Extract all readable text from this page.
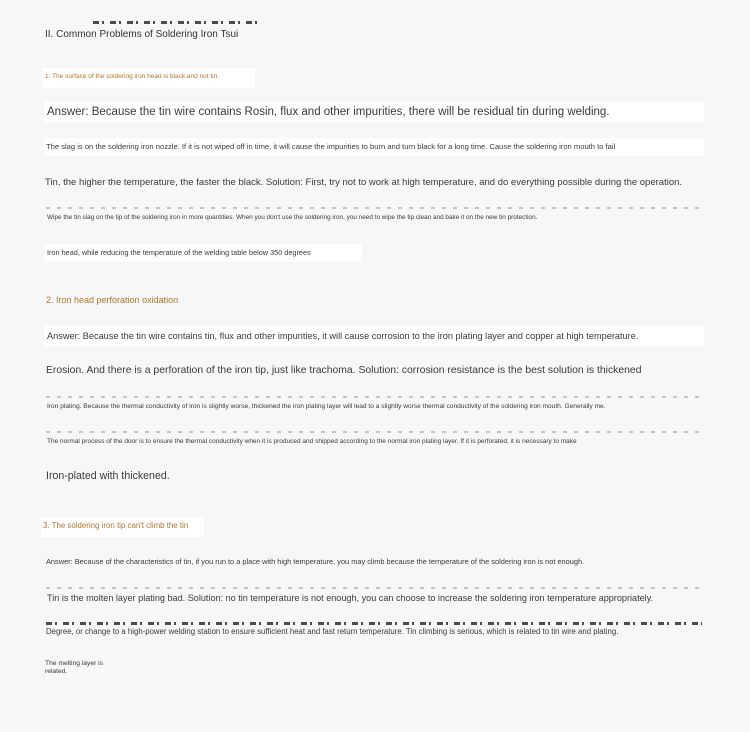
II. Common Problems of Soldering Iron Tsui
1. The surface of the soldering iron head is black and not tin.
Answer: Because the tin wire contains Rosin, flux and other impurities, there will be residual tin during welding.
The slag is on the soldering iron nozzle. If it is not wiped off in time, it will cause the impurities to burn and turn black for a long time. Cause the soldering iron mouth to fail
Tin, the higher the temperature, the faster the black. Solution: First, try not to work at high temperature, and do everything possible during the operation.
Wipe the tin slag on the tip of the soldering iron in more quantities. When you don't use the soldering iron, you need to wipe the tip clean and bake it on the new tin protection.
Iron head, while reducing the temperature of the welding table below 350 degrees
2. Iron head perforation oxidation
Answer: Because the tin wire contains tin, flux and other impurities, it will cause corrosion to the iron plating layer and copper at high temperature.
Erosion. And there is a perforation of the iron tip, just like trachoma. Solution: corrosion resistance is the best solution is thickened
Iron plating. Because the thermal conductivity of iron is slightly worse, thickened the iron plating layer will lead to a slightly worse thermal conductivity of the soldering iron mouth. Generally me.
The normal process of the door is to ensure the thermal conductivity when it is produced and shipped according to the normal iron plating layer. If it is perforated, it is necessary to make
Iron-plated with thickened.
3. The soldering iron tip can't climb the tin
Answer: Because of the characteristics of tin, if you run to a place with high temperature, you may climb because the temperature of the soldering iron is not enough.
Tin is the molten layer plating bad. Solution: no tin temperature is not enough, you can choose to increase the soldering iron temperature appropriately.
Degree, or change to a high-power welding station to ensure sufficient heat and fast return temperature. Tin climbing is serious, which is related to tin wire and plating.
The melting layer is
related.
